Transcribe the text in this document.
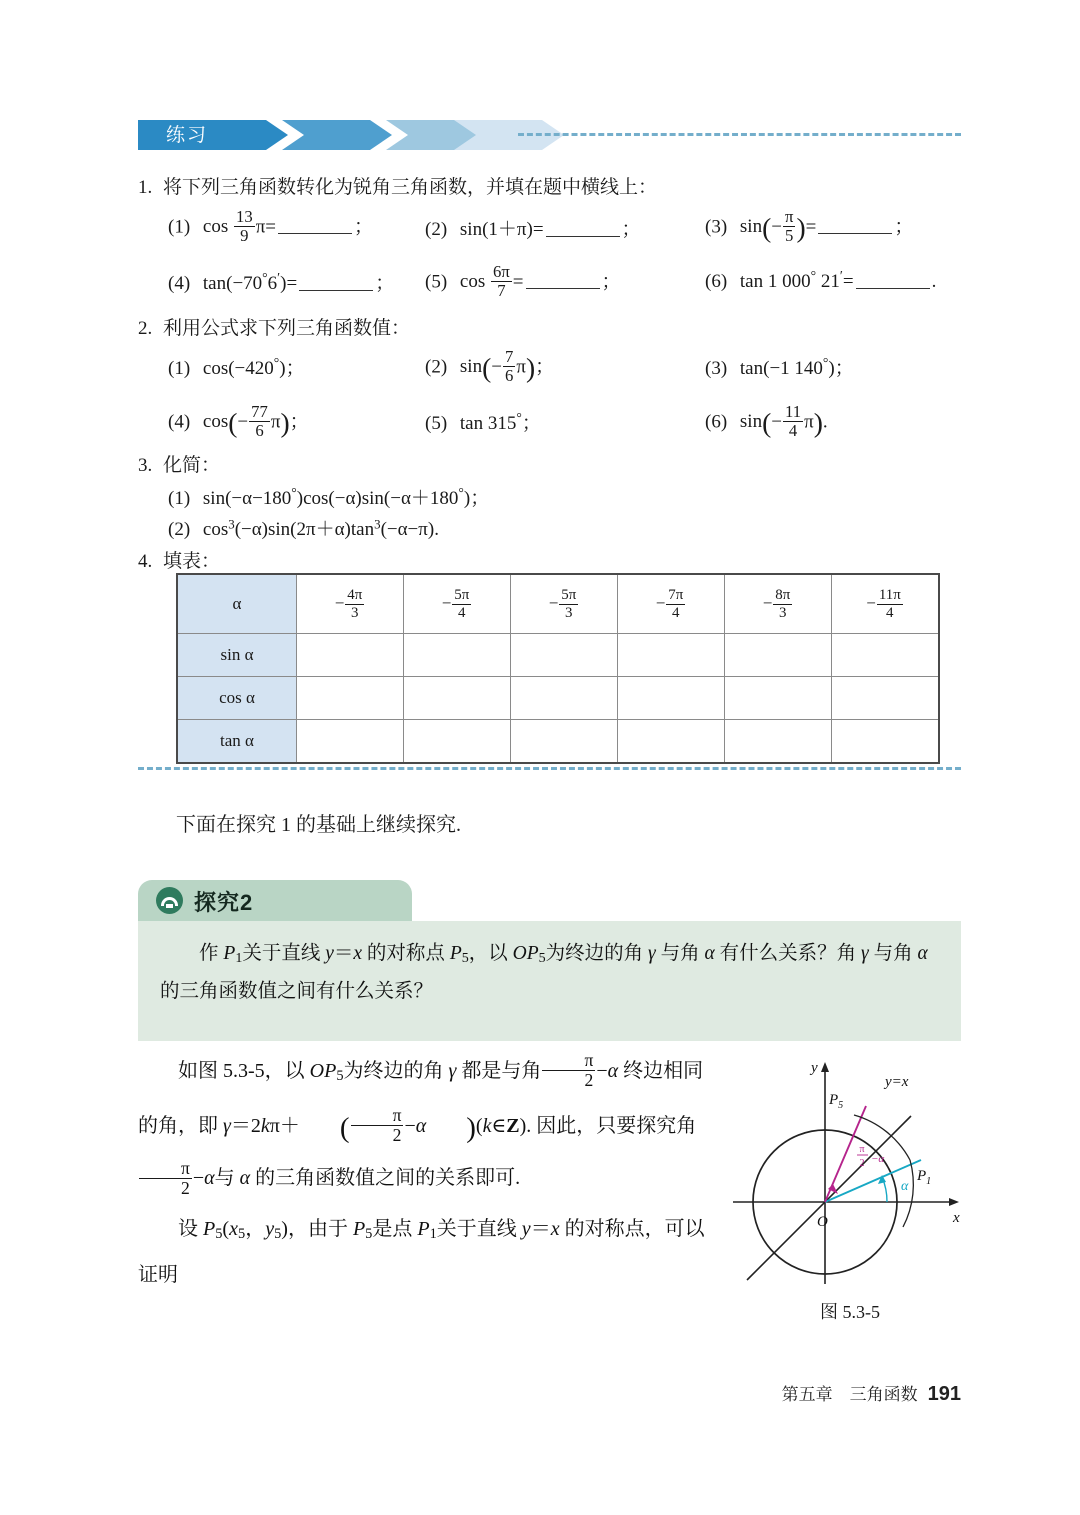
练习
1. 将下列三角函数转化为锐角三角函数，并填在题中横线上：
(1) $\cos \frac{13}{9} \pi=$	；	(2) sin(1＋π)=	；	(3) $\sin(- \frac{\pi}{5}$ )=	；
(4) tan(−70°6′)=	； (5) $\cos \frac{6\pi}{7}$ =	；	(6) tan 1 000° 21′=	.
2. 利用公式求下列三角函数值：
(1) cos(−420°)；	(2) $\sin(- \frac{7}{6} \pi)$；	(3) tan(−1 140°)；
(4) $\cos(- \frac{77}{6} \pi)$；	(5) tan 315°；	(6) $\sin(- \frac{11}{4} \pi)$.
3. 化简：
(1) sin(−α−180°)cos(−α)sin(−α＋180°)；
(2) $\cos^3(-\alpha)\sin(2\pi+\alpha)\tan^3(-\alpha-\pi)$.
4. 填表：
α	− $\frac{4\pi}{3}$	− $\frac{5\pi}{4}$	− $\frac{5\pi}{3}$	− $\frac{7\pi}{4}$	− $\frac{8\pi}{3}$	− $\frac{11\pi}{4}$

sin α						
cos α						
tan α						
下面在探究 1 的基础上继续探究.
探究2

作 $P_1$关于直线 y＝x 的对称点 $P_5$，以 $OP_5$为终边的角 γ 与角 α 有什么关系？角 γ 与角 α 的三角函数值之间有什么关系？

如图 5.3-5，以 $OP_5$为终边的角 γ 都是与角 $\frac{\pi}{2} -\alpha$ 终边相同的角，即 γ＝2kπ＋ ( $\frac{\pi}{2} -\alpha$ )(k∈Z). 因此，只要探究角
$\frac{\pi}{2} -\alpha$与 α 的三角函数值之间的关系即可.

设 $P_5(x_5$，$y_5$)，由于 $P_5$是点 $P_1$关于直线 y＝x 的对称点，可以证明

y
x
O
y=x
$P_5$
$P_1$
α
π
2 −α
图 5.3-5
第五章　三角函数 191
